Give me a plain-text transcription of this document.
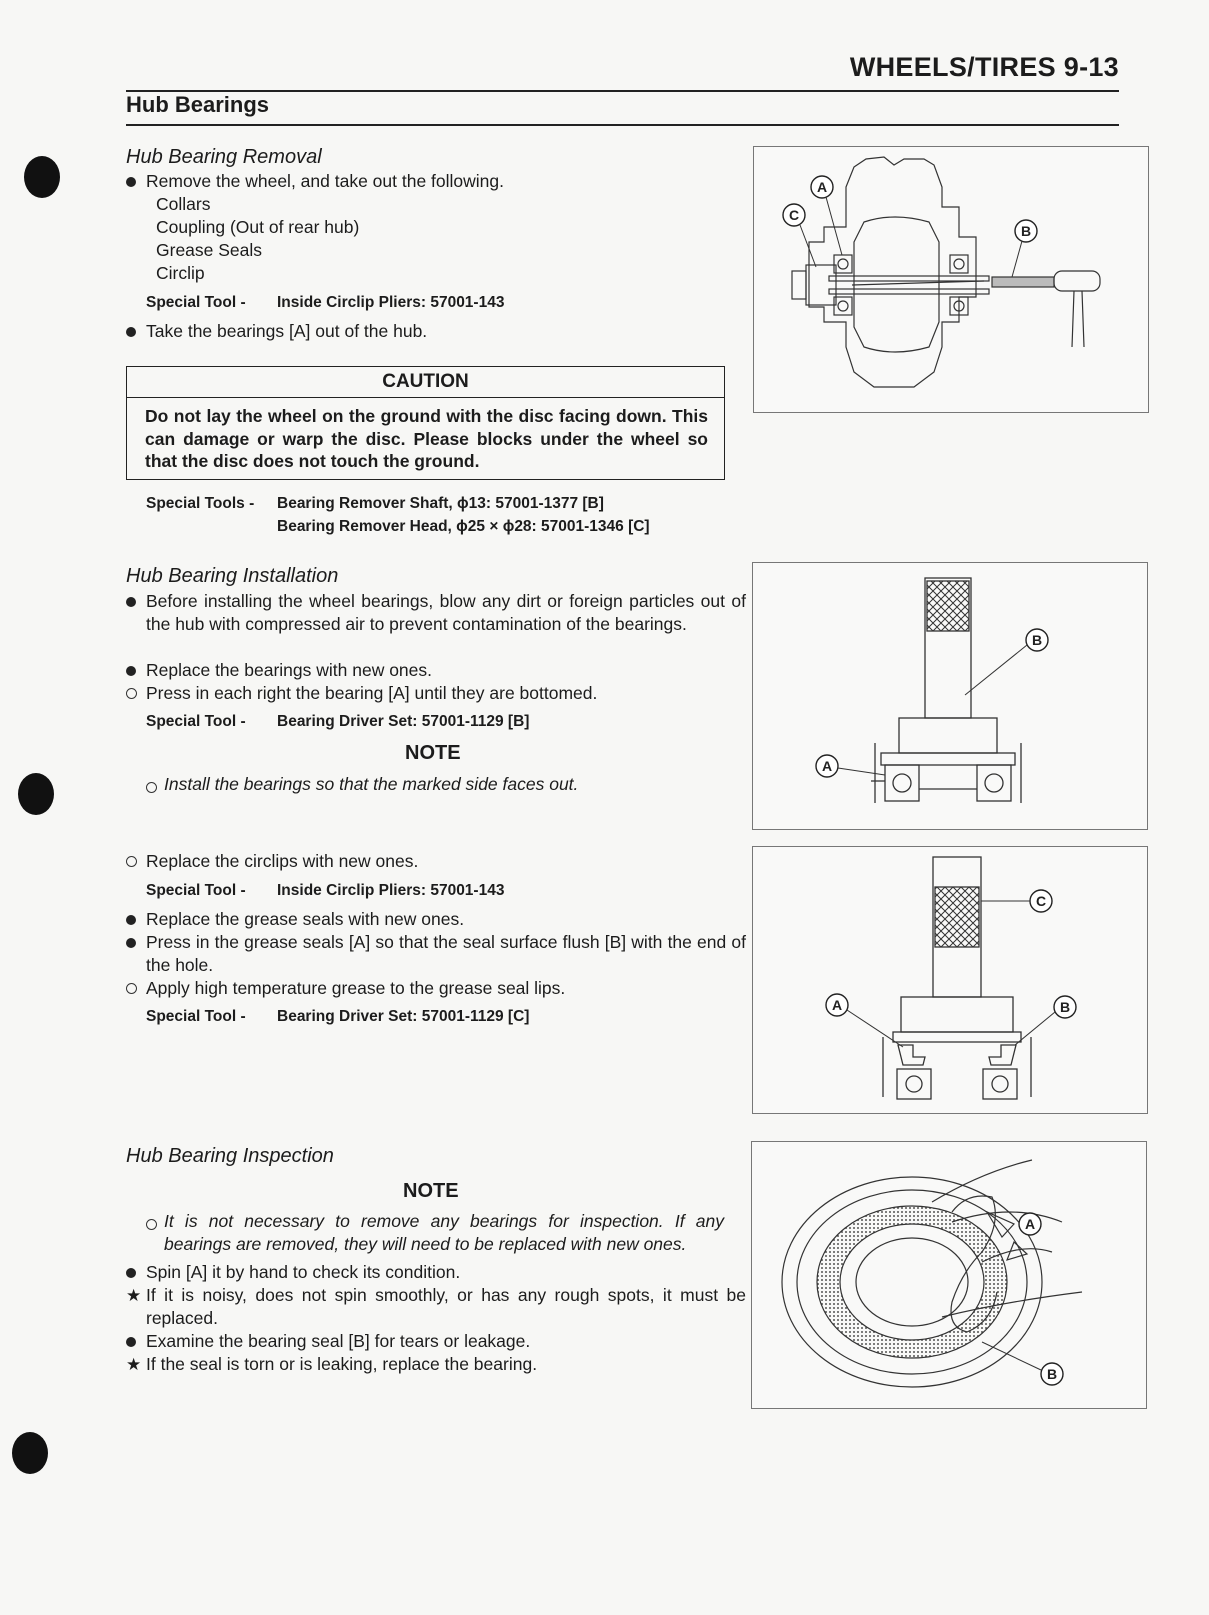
WHEELS/TIRES 9-13
Hub Bearings
Hub Bearing Removal
Remove the wheel, and take out the following.
Collars
Coupling (Out of rear hub)
Grease Seals
Circlip
Special Tool - Inside Circlip Pliers: 57001-143
Take the bearings [A] out of the hub.
CAUTION
Do not lay the wheel on the ground with the disc facing down. This can damage or warp the disc. Please blocks under the wheel so that the disc does not touch the ground.
Special Tools - Bearing Remover Shaft, ϕ13: 57001-1377 [B]
Bearing Remover Head, ϕ25 × ϕ28: 57001-1346 [C]
Hub Bearing Installation
Before installing the wheel bearings, blow any dirt or foreign particles out of the hub with compressed air to prevent contamination of the bearings.
Replace the bearings with new ones.
Press in each right the bearing [A] until they are bottomed.
Special Tool - Bearing Driver Set: 57001-1129 [B]
NOTE
Install the bearings so that the marked side faces out.
Replace the circlips with new ones.
Special Tool - Inside Circlip Pliers: 57001-143
Replace the grease seals with new ones.
Press in the grease seals [A] so that the seal surface flush [B] with the end of the hole.
Apply high temperature grease to the grease seal lips.
Special Tool - Bearing Driver Set: 57001-1129 [C]
Hub Bearing Inspection
NOTE
It is not necessary to remove any bearings for inspection. If any bearings are removed, they will need to be replaced with new ones.
Spin [A] it by hand to check its condition.
★ If it is noisy, does not spin smoothly, or has any rough spots, it must be replaced.
Examine the bearing seal [B] for tears or leakage.
★ If the seal is torn or is leaking, replace the bearing.
A
C
B
B
A
C
A	B
A
B
